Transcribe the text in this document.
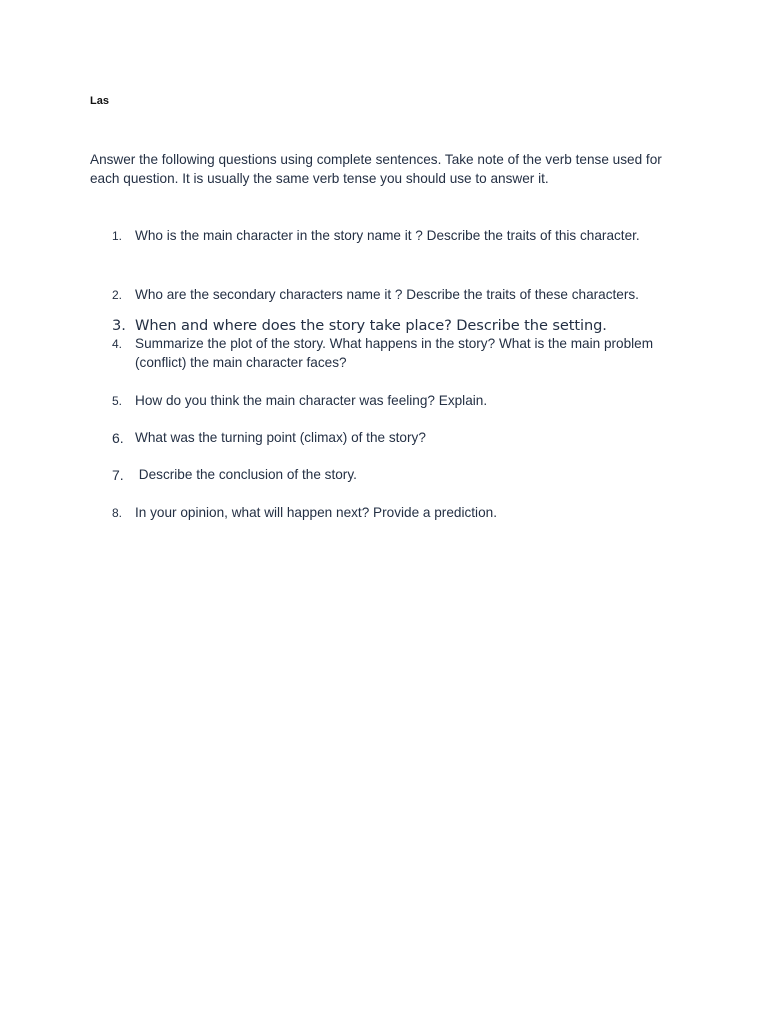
Las
Answer the following questions using complete sentences. Take note of the verb tense used for each question. It is usually the same verb tense you should use to answer it.
1. Who is the main character in the story name it ? Describe the traits of this character.
2. Who are the secondary characters name it ? Describe the traits of these characters.
3. When and where does the story take place? Describe the setting.
4. Summarize the plot of the story. What happens in the story? What is the main problem (conflict) the main character faces?
5. How do you think the main character was feeling? Explain.
6. What was the turning point (climax) of the story?
7. Describe the conclusion of the story.
8. In your opinion, what will happen next? Provide a prediction.
